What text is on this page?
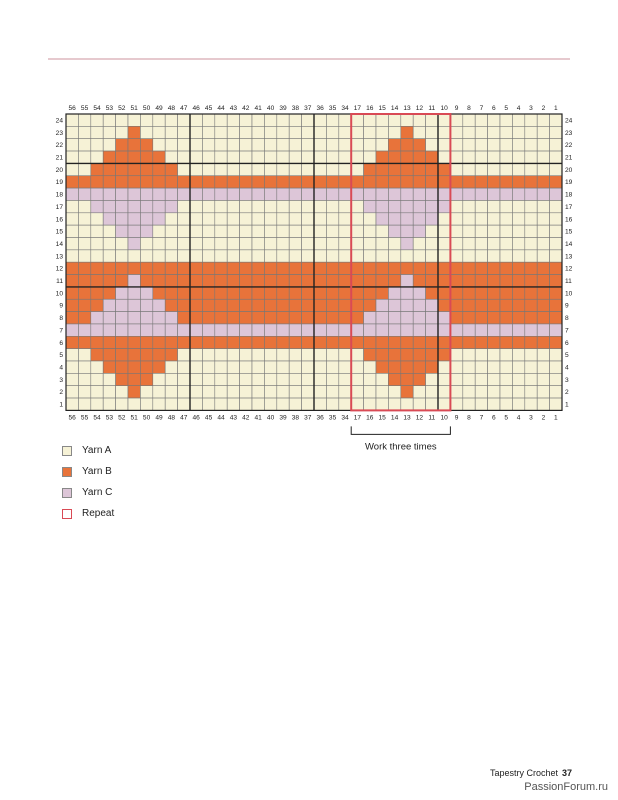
56
56
55
55
54
54
53
53
52
52
51
51
50
50
49
49
48
48
47
47
46
46
45
45
44
44
43
43
42
42
41
41
40
40
39
39
38
38
37
37
36
36
35
35
34
34
17
17
16
16
15
15
14
14
13
13
12
12
11
11
10
10
9
9
8
8
7
7
6
6
5
5
4
4
3
3
2
2
1
1
24	24
23	23
22	22
21	21
20	20
19	19
18	18
17	17
16	16
15	15
14	14
13	13
12	12
11	11
10	10
9	9
8	8
7	7
6	6
5	5
4	4
3	3
2	2
1	1
Work three times
Yarn A
Yarn B
Yarn C
Repeat
Tapestry Crochet 37
PassionForum.ru
